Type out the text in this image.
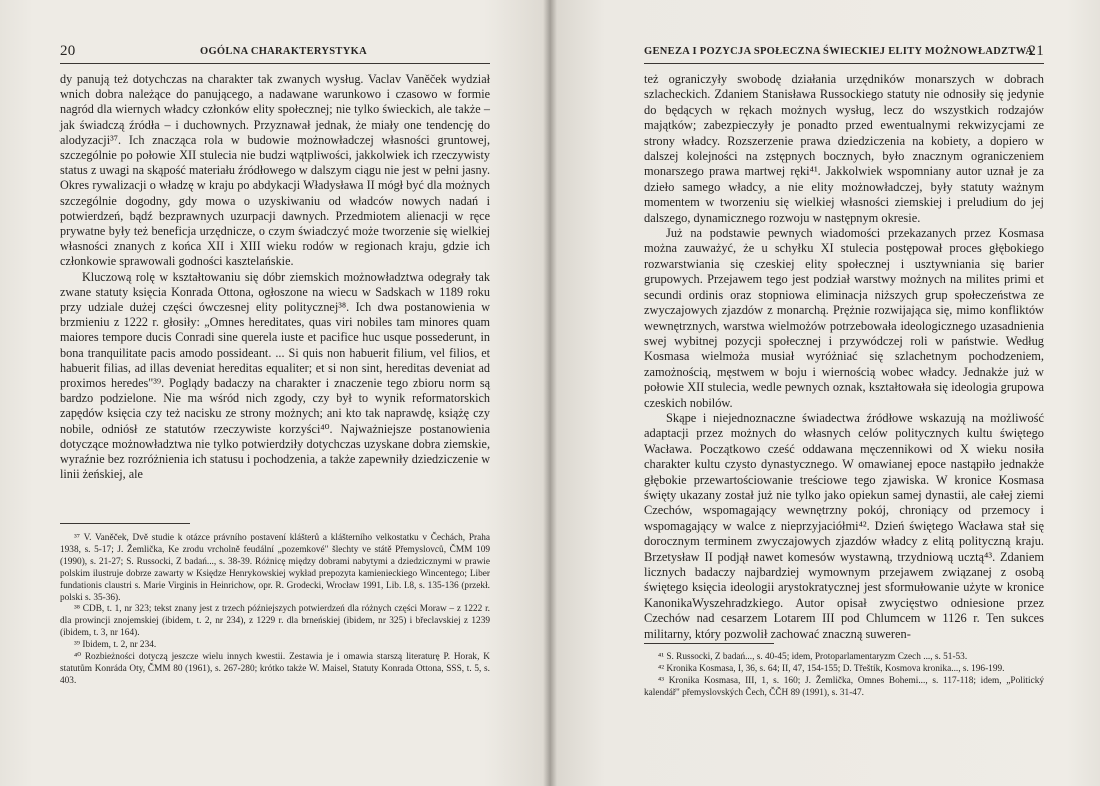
20	OGÓLNA CHARAKTERYSTYKA

dy panują też dotychczas na charakter tak zwanych wysług. Vaclav Vaněček wydział wnich dobra należące do panującego, a nadawane warunkowo i czasowo w formie nagród dla wiernych władcy członków elity społecznej; nie tylko świeckich, ale także – jak świadczą źródła – i duchownych. Przyznawał jednak, że miały one tendencję do alodyzacji³⁷. Ich znacząca rola w budowie możnowładczej własności gruntowej, szczególnie po połowie XII stulecia nie budzi wątpliwości, jakkolwiek ich rzeczywisty status z uwagi na skąpość materiału źródłowego w dalszym ciągu nie jest w pełni jasny. Okres rywalizacji o władzę w kraju po abdykacji Władysława II mógł być dla możnych szczególnie dogodny, gdy mowa o uzyskiwaniu od władców nowych nadań i potwierdzeń, bądź bezprawnych uzurpacji dawnych. Przedmiotem alienacji w ręce prywatne były też beneficja urzędnicze, o czym świadczyć może tworzenie się wielkiej własności znanych z końca XII i XIII wieku rodów w regionach kraju, gdzie ich członkowie sprawowali godności kasztelańskie.

Kluczową rolę w kształtowaniu się dóbr ziemskich możnowładztwa odegrały tak zwane statuty księcia Konrada Ottona, ogłoszone na wiecu w Sadskach w 1189 roku przy udziale dużej części ówczesnej elity politycznej³⁸. Ich dwa postanowienia w brzmieniu z 1222 r. głosiły: „Omnes hereditates, quas viri nobiles tam minores quam maiores tempore ducis Conradi sine querela iuste et pacifice huc usque possederunt, in bona tranquilitate pacis amodo possideant. ... Si quis non habuerit filium, vel filios, et habuerit filias, ad illas deveniat hereditas equaliter; et si non sint, hereditas deveniat ad proximos heredes"³⁹. Poglądy badaczy na charakter i znaczenie tego zbioru norm są bardzo podzielone. Nie ma wśród nich zgody, czy był to wynik reformatorskich zapędów księcia czy też nacisku ze strony możnych; ani kto tak naprawdę, książę czy nobile, odniósł ze statutów rzeczywiste korzyści⁴⁰. Najważniejsze postanowienia dotyczące możnowładztwa nie tylko potwierdziły dotychczas uzyskane dobra ziemskie, wyraźnie bez rozróżnienia ich statusu i pochodzenia, a także zapewniły dziedziczenie w linii żeńskiej, ale

³⁷ V. Vaněček, Dvě studie k otázce právního postavení klášterů a klášterního velkostatku v Čechách, Praha 1938, s. 5-17; J. Žemlička, Ke zrodu vrcholně feudální „pozemkové" šlechty ve státě Přemyslovců, ČMM 109 (1990), s. 21-27; S. Russocki, Z badań..., s. 38-39. Różnicę między dobrami nabytymi a dziedzicznymi w prawie polskim ilustruje dobrze zawarty w Księdze Henrykowskiej wykład prepozyta kamienieckiego Wincentego; Liber fundationis claustri s. Marie Virginis in Heinrichow, opr. R. Grodecki, Wrocław 1991, Lib. I.8, s. 135-136 (przekł. polski s. 35-36).

³⁸ CDB, t. 1, nr 323; tekst znany jest z trzech późniejszych potwierdzeń dla różnych części Moraw – z 1222 r. dla prowincji znojemskiej (ibidem, t. 2, nr 234), z 1229 r. dla brneńskiej (ibidem, nr 325) i břeclavskiej z 1239 (ibidem, t. 3, nr 164).

³⁹ Ibidem, t. 2, nr 234.

⁴⁰ Rozbieżności dotyczą jeszcze wielu innych kwestii. Zestawia je i omawia starszą literaturę P. Horak, K statutům Konráda Oty, ČMM 80 (1961), s. 267-280; krótko także W. Maisel, Statuty Konrada Ottona, SSS, t. 5, s. 403.

GENEZA I POZYCJA SPOŁECZNA ŚWIECKIEJ ELITY MOŻNOWŁADZTWA
21

też ograniczyły swobodę działania urzędników monarszych w dobrach szlacheckich. Zdaniem Stanisława Russockiego statuty nie odnosiły się jedynie do będących w rękach możnych wysług, lecz do wszystkich rodzajów majątków; zabezpieczyły je ponadto przed ewentualnymi rekwizycjami ze strony władcy. Rozszerzenie prawa dziedziczenia na kobiety, a dopiero w dalszej kolejności na zstępnych bocznych, było znacznym ograniczeniem monarszego prawa martwej ręki⁴¹. Jakkolwiek wspomniany autor uznał je za dzieło samego władcy, a nie elity możnowładczej, były statuty ważnym momentem w tworzeniu się wielkiej własności ziemskiej i preludium do jej dalszego, dynamicznego rozwoju w następnym okresie.

Już na podstawie pewnych wiadomości przekazanych przez Kosmasa można zauważyć, że u schyłku XI stulecia postępował proces głębokiego rozwarstwiania się czeskiej elity społecznej i usztywniania się barier grupowych. Przejawem tego jest podział warstwy możnych na milites primi et secundi ordinis oraz stopniowa eliminacja niższych grup społeczeństwa ze zwyczajowych zjazdów z monarchą. Prężnie rozwijająca się, mimo konfliktów wewnętrznych, warstwa wielmożów potrzebowała ideologicznego uzasadnienia swej wybitnej pozycji społecznej i przywódczej roli w państwie. Według Kosmasa wielmoża musiał wyróżniać się szlachetnym pochodzeniem, zamożnością, męstwem w boju i wiernością wobec władcy. Jednakże już w połowie XII stulecia, wedle pewnych oznak, kształtowała się ideologia grupowa czeskich nobilów.

Skąpe i niejednoznaczne świadectwa źródłowe wskazują na możliwość adaptacji przez możnych do własnych celów politycznych kultu świętego Wacława. Początkowo cześć oddawana męczennikowi od X wieku nosiła charakter kultu czysto dynastycznego. W omawianej epoce nastąpiło jednakże głębokie przewartościowanie treściowe tego zjawiska. W kronice Kosmasa święty ukazany został już nie tylko jako opiekun samej dynastii, ale całej ziemi Czechów, wspomagający wewnętrzny pokój, chroniący od przemocy i wspomagający w walce z nieprzyjaciółmi⁴². Dzień świętego Wacława stał się dorocznym terminem zwyczajowych zjazdów władcy z elitą polityczną kraju. Brzetysław II podjął nawet komesów wystawną, trzydniową ucztą⁴³. Zdaniem licznych badaczy najbardziej wymownym przejawem związanej z osobą świętego księcia ideologii arystokratycznej jest sformułowanie użyte w kronice KanonikaWyszehradzkiego. Autor opisał zwycięstwo odniesione przez Czechów nad cesarzem Lotarem III pod Chlumcem w 1126 r. Ten sukces militarny, który pozwolił zachować znaczną suweren-

⁴¹ S. Russocki, Z badań..., s. 40-45; idem, Protoparlamentaryzm Czech ..., s. 51-53.

⁴² Kronika Kosmasa, I, 36, s. 64; II, 47, 154-155; D. Třeštík, Kosmova kronika..., s. 196-199.

⁴³ Kronika Kosmasa, III, 1, s. 160; J. Žemlička, Omnes Bohemi..., s. 117-118; idem, „Politický kalendář" přemyslovských Čech, ČČH 89 (1991), s. 31-47.
